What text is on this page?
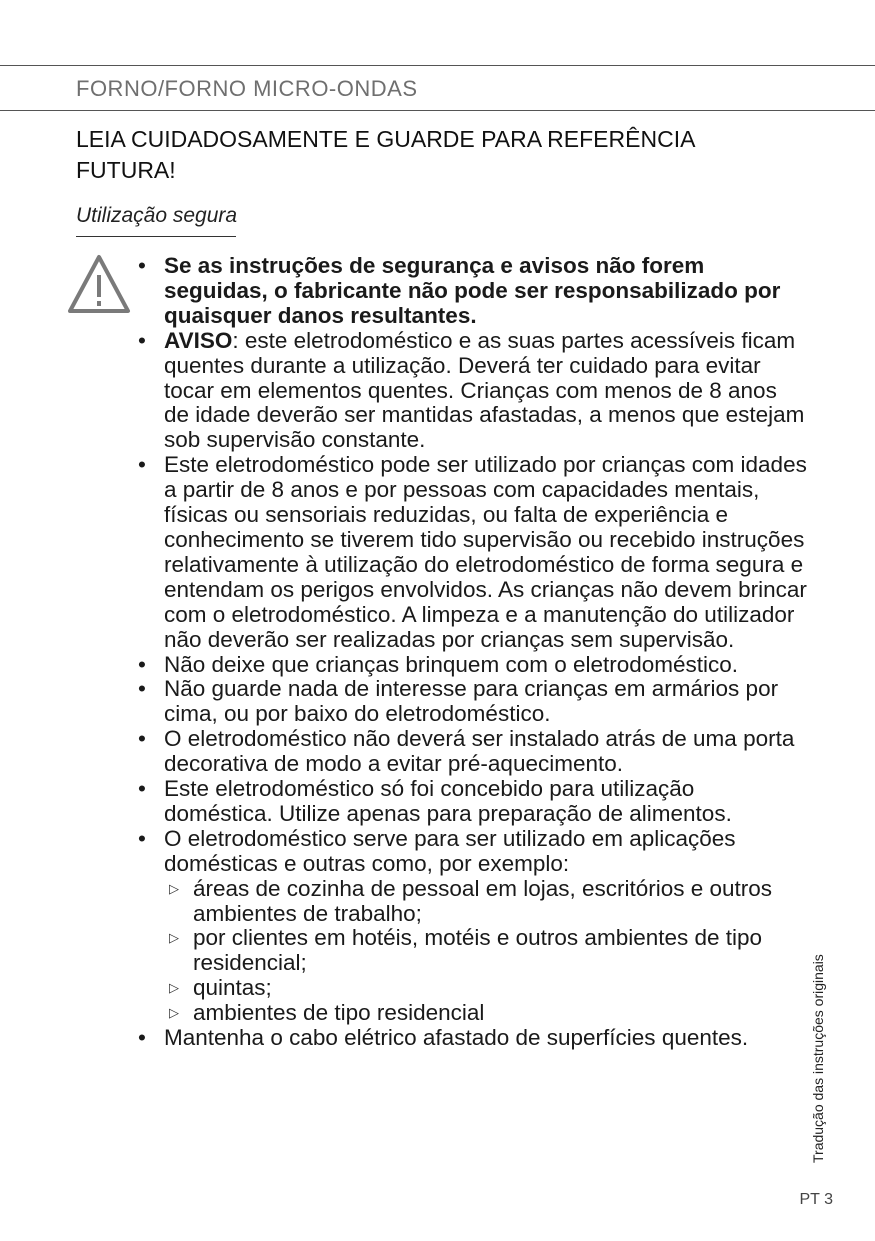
FORNO/FORNO MICRO-ONDAS
LEIA CUIDADOSAMENTE E GUARDE PARA REFERÊNCIA FUTURA!
Utilização segura
• Se as instruções de segurança e avisos não forem seguidas, o fabricante não pode ser responsabilizado por quaisquer danos resultantes.
• AVISO: este eletrodoméstico e as suas partes acessíveis ficam quentes durante a utilização. Deverá ter cuidado para evitar tocar em elementos quentes. Crianças com menos de 8 anos de idade deverão ser mantidas afastadas, a menos que estejam sob supervisão constante.
• Este eletrodoméstico pode ser utilizado por crianças com idades a partir de 8 anos e por pessoas com capacidades mentais, físicas ou sensoriais reduzidas, ou falta de experiência e conhecimento se tiverem tido supervisão ou recebido instruções relativamente à utilização do eletrodoméstico de forma segura e entendam os perigos envolvidos. As crianças não devem brincar com o eletrodoméstico. A limpeza e a manutenção do utilizador não deverão ser realizadas por crianças sem supervisão.
• Não deixe que crianças brinquem com o eletrodoméstico.
• Não guarde nada de interesse para crianças em armários por cima, ou por baixo do eletrodoméstico.
• O eletrodoméstico não deverá ser instalado atrás de uma porta decorativa de modo a evitar pré-aquecimento.
• Este eletrodoméstico só foi concebido para utilização doméstica. Utilize apenas para preparação de alimentos.
• O eletrodoméstico serve para ser utilizado em aplicações domésticas e outras como, por exemplo:
▷ áreas de cozinha de pessoal em lojas, escritórios e outros ambientes de trabalho;
▷ por clientes em hotéis, motéis e outros ambientes de tipo residencial;
▷ quintas;
▷ ambientes de tipo residencial
• Mantenha o cabo elétrico afastado de superfícies quentes.	Tradução das instruções originais
PT 3
